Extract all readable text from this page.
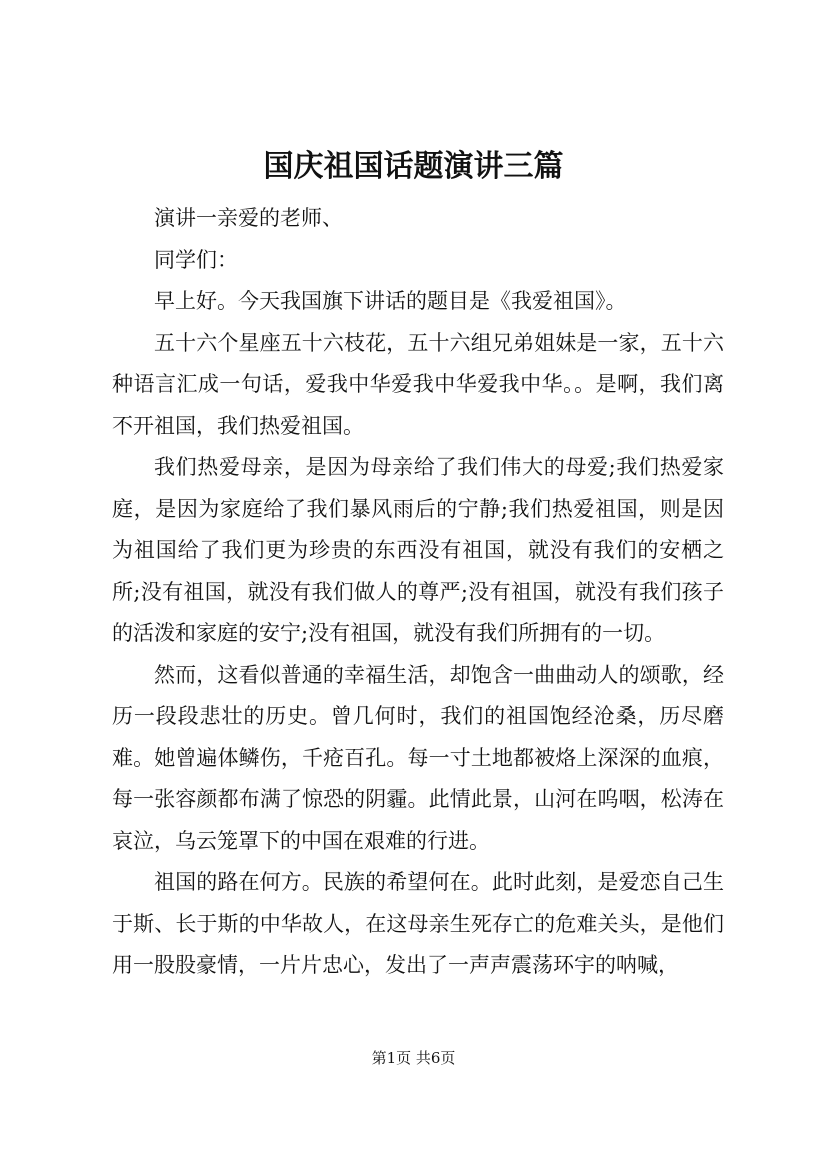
国庆祖国话题演讲三篇

演讲一亲爱的老师、

同学们：

早上好。今天我国旗下讲话的题目是《我爱祖国》。

五十六个星座五十六枝花，五十六组兄弟姐妹是一家，五十六种语言汇成一句话，爱我中华爱我中华爱我中华。。是啊，我们离不开祖国，我们热爱祖国。

我们热爱母亲，是因为母亲给了我们伟大的母爱;我们热爱家庭，是因为家庭给了我们暴风雨后的宁静;我们热爱祖国，则是因为祖国给了我们更为珍贵的东西没有祖国，就没有我们的安栖之所;没有祖国，就没有我们做人的尊严;没有祖国，就没有我们孩子的活泼和家庭的安宁;没有祖国，就没有我们所拥有的一切。

然而，这看似普通的幸福生活，却饱含一曲曲动人的颂歌，经历一段段悲壮的历史。曾几何时，我们的祖国饱经沧桑，历尽磨难。她曾遍体鳞伤，千疮百孔。每一寸土地都被烙上深深的血痕，每一张容颜都布满了惊恐的阴霾。此情此景，山河在呜咽，松涛在哀泣，乌云笼罩下的中国在艰难的行进。

祖国的路在何方。民族的希望何在。此时此刻，是爱恋自己生于斯、长于斯的中华故人，在这母亲生死存亡的危难关头，是他们用一股股豪情，一片片忠心，发出了一声声震荡环宇的呐喊，

第1页 共6页
